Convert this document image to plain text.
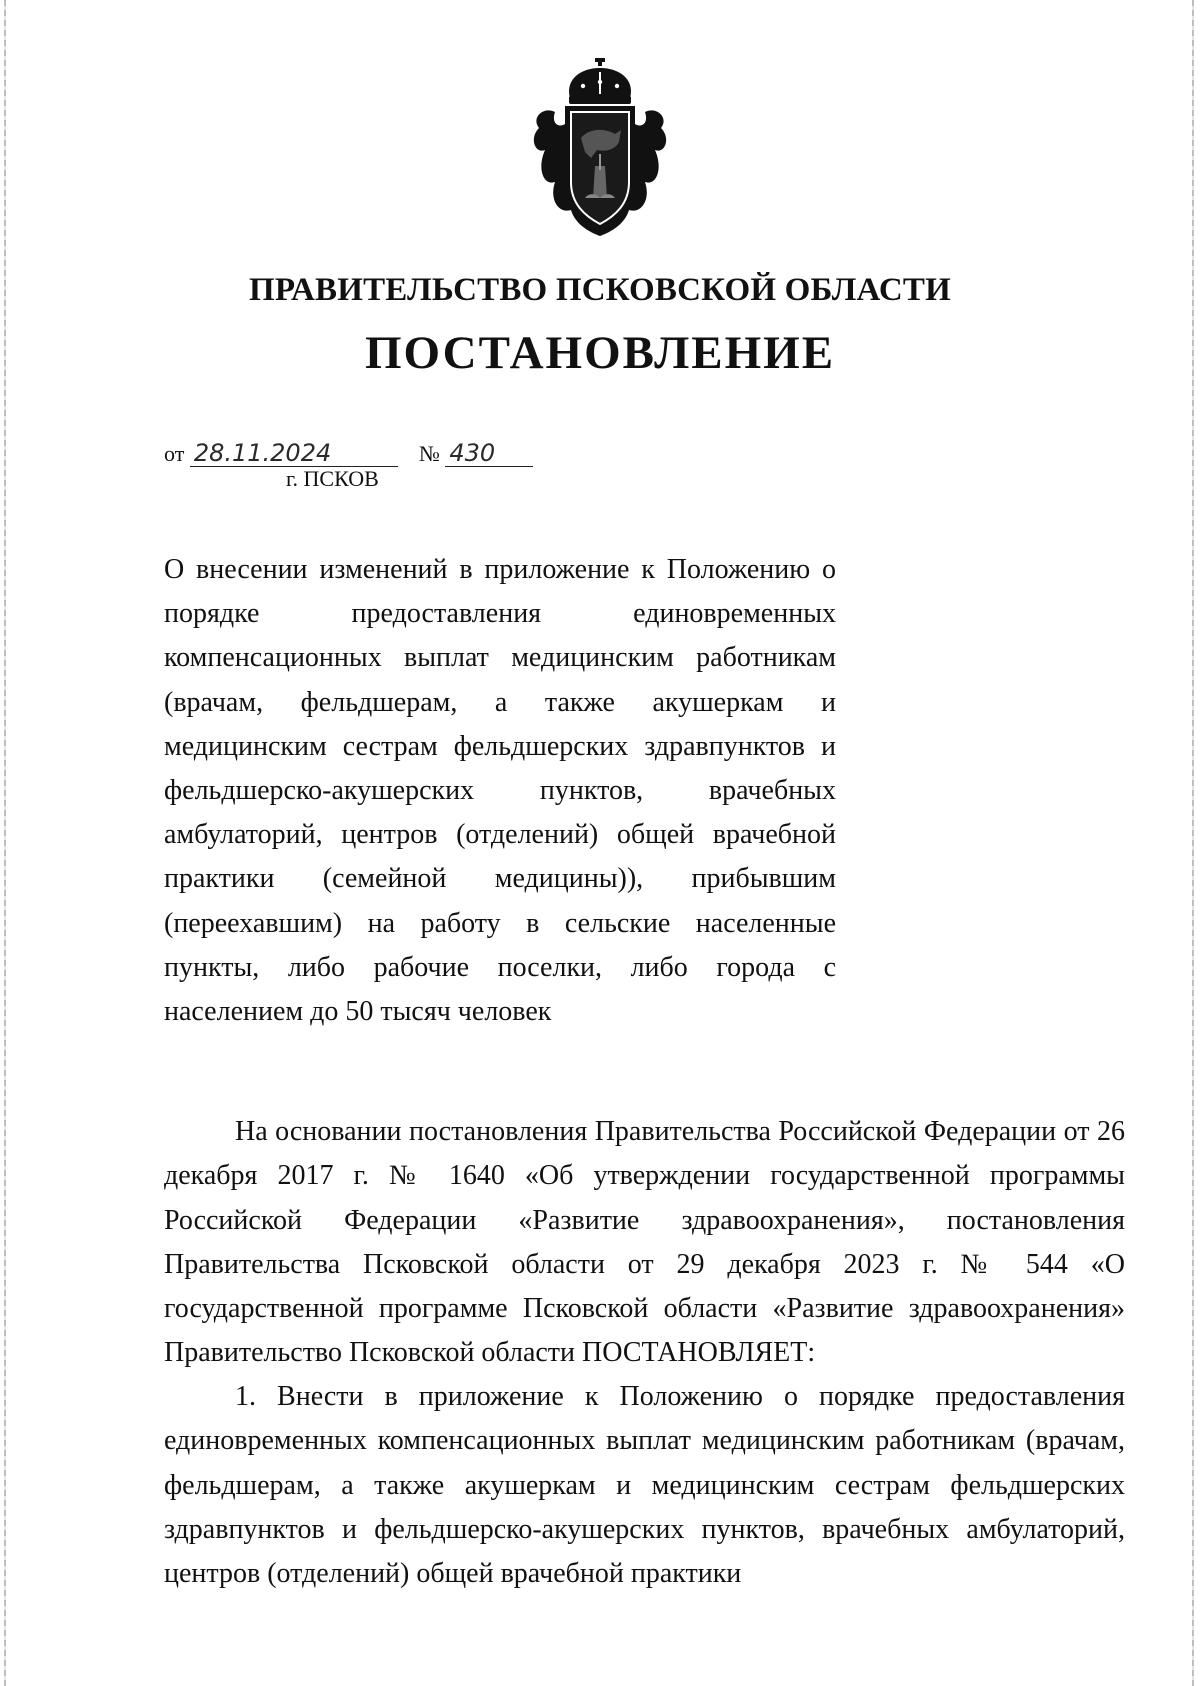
ПРАВИТЕЛЬСТВО ПСКОВСКОЙ ОБЛАСТИ
ПОСТАНОВЛЕНИЕ
от 28.11.2024	№ 430
г. ПСКОВ

О внесении изменений в приложение к Положению о порядке предоставления единовременных компенсационных выплат медицинским работникам (врачам, фельдшерам, а также акушеркам и медицинским сестрам фельдшерских здравпунктов и фельдшерско-акушерских пунктов, врачебных амбулаторий, центров (отделений) общей врачебной практики (семейной медицины)), прибывшим (переехавшим) на работу в сельские населенные пункты, либо рабочие поселки, либо города с населением до 50 тысяч человек

На основании постановления Правительства Российской Федерации от 26 декабря 2017 г. № 1640 «Об утверждении государственной программы Российской Федерации «Развитие здравоохранения», постановления Правительства Псковской области от 29 декабря 2023 г. № 544 «О государственной программе Псковской области «Развитие здравоохранения» Правительство Псковской области ПОСТАНОВЛЯЕТ:

1. Внести в приложение к Положению о порядке предоставления единовременных компенсационных выплат медицинским работникам (врачам, фельдшерам, а также акушеркам и медицинским сестрам фельдшерских здравпунктов и фельдшерско-акушерских пунктов, врачебных амбулаторий, центров (отделений) общей врачебной практики
